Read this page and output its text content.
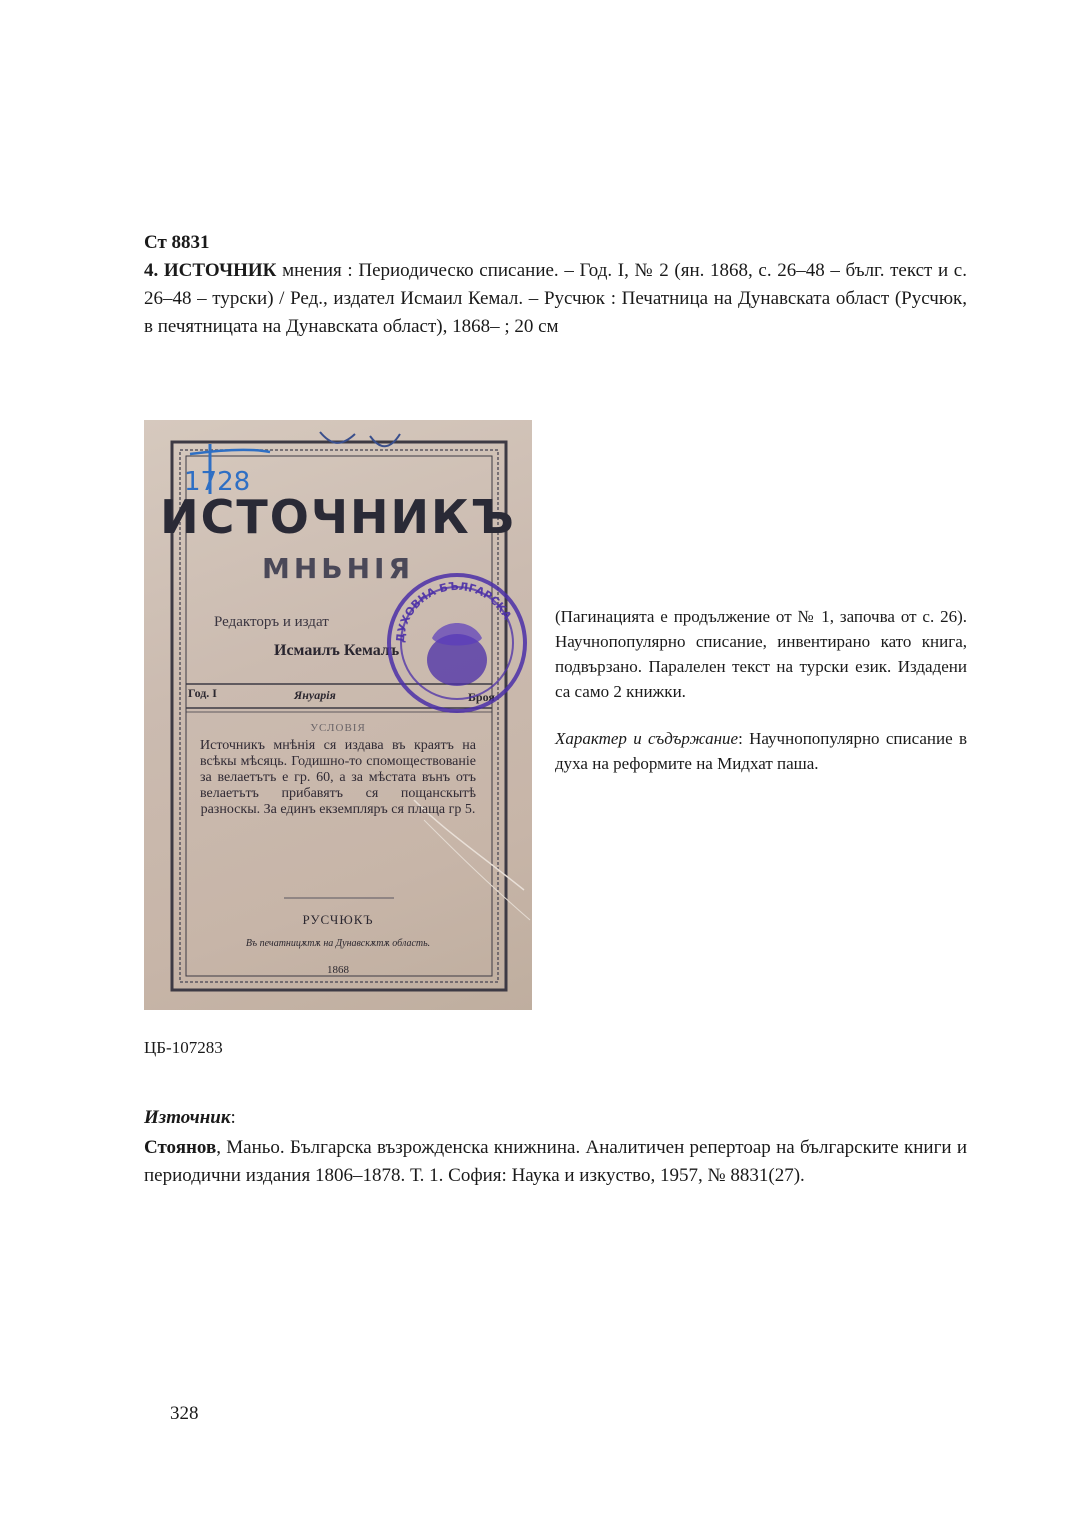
Ст 8831
4. ИСТОЧНИК мнения : Периодическо списание. – Год. I, № 2 (ян. 1868, с. 26–48 – бълг. текст и с. 26–48 – турски) / Ред., издател Исмаил Кемал. – Русчюк : Печатница на Дунавската област (Русчюк, в печятницата на Дунавската област), 1868– ; 20 см
1728
ИСТОЧНИКЪ
МНЬНІЯ
Редакторъ и издат
Исмаилъ Кемалъ
Год. I	Януарія	Броя
УСЛОВІЯ
Источникъ мнѣнія ся издава въ краятъ на всѣкы мѣсяць. Годишно-то спомоществованіе за велаетътъ е гр. 60, а за мѣстата вънъ отъ велаетътъ прибавятъ ся пощанскытѣ разноскы. За единъ екземпляръ ся плаща гр 5.
РУСЧЮКЪ
Въ печатницѫтѫ на Дунавскѫтѫ область.
1868
ДУХОВНА БЪЛГАРСКА (Пагинацията е продължение от № 1, започва от с. 26). Научнопопулярно списание, инвентирано като книга, подвързано. Паралелен текст на турски език. Издадени са само 2 книжки.
Характер и съдържание: Научнопопулярно списание в духа на реформите на Мидхат паша.
ЦБ-107283
Източник:
Стоянов, Маньо. Българска възрожденска книжнина. Аналитичен репертоар на българските книги и периодични издания 1806–1878. Т. 1. София: Наука и изкуство, 1957, № 8831(27).
328
